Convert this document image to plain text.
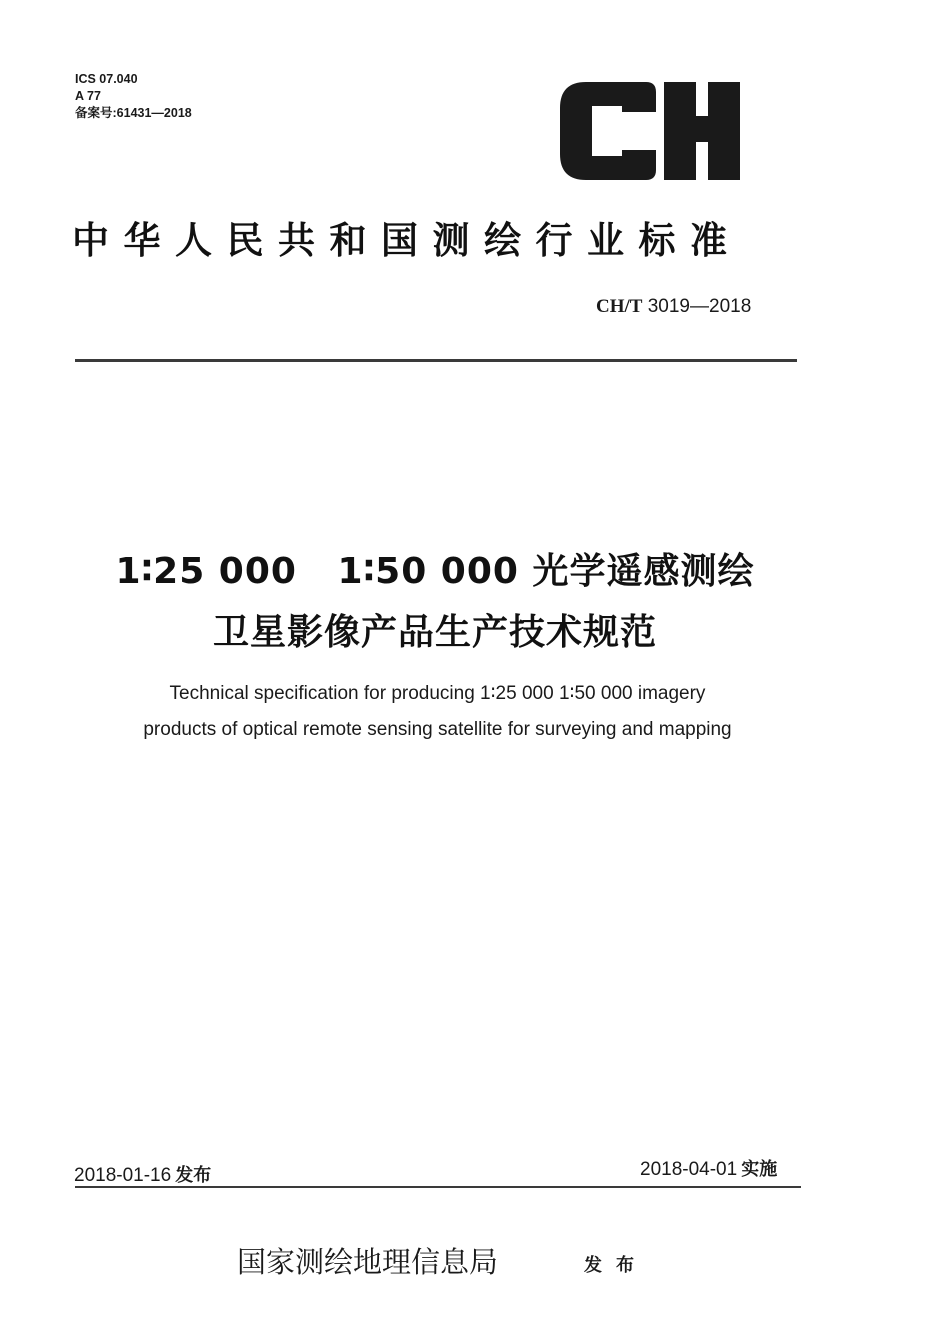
ICS 07.040
A 77
备案号:61431—2018
中华人民共和国测绘行业标准
CH/T 3019—2018
1∶25 000   1∶50 000 光学遥感测绘
卫星影像产品生产技术规范
Technical specification for producing 1∶25 000 1∶50 000 imagery
products of optical remote sensing satellite for surveying and mapping
2018-01-16 发布	2018-04-01 实施
国家测绘地理信息局	发布
